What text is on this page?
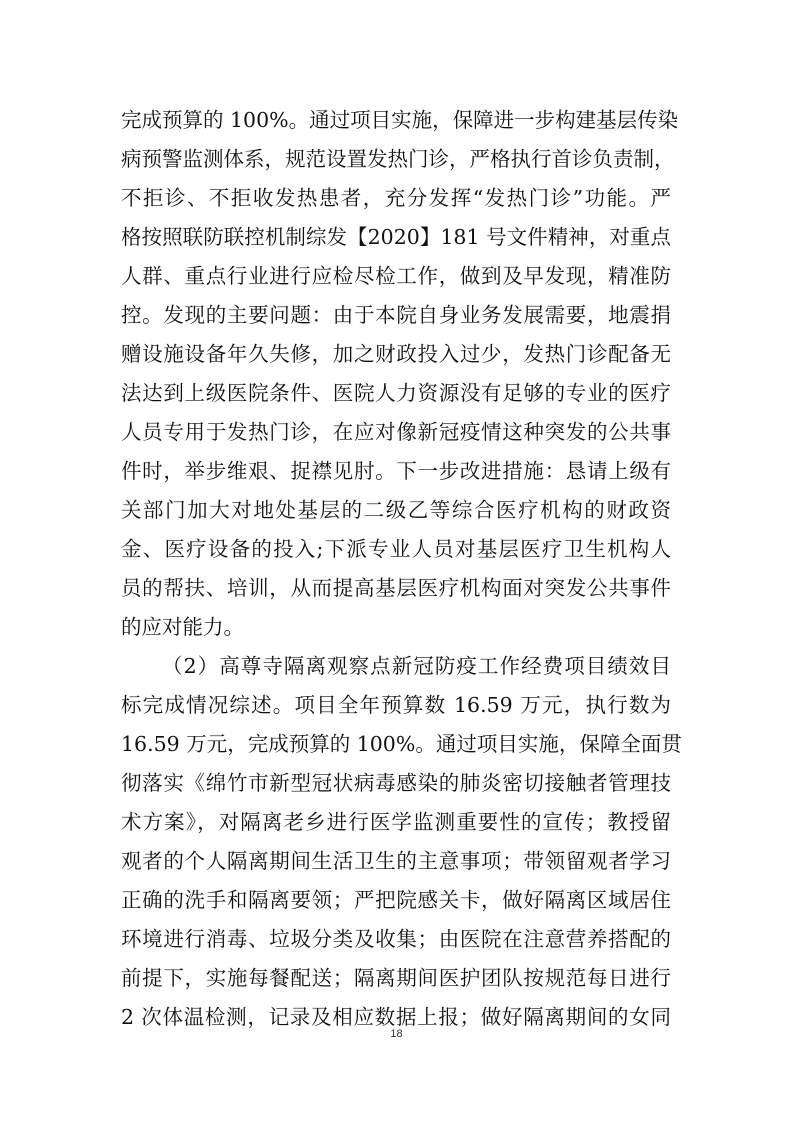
完成预算的 100%。通过项目实施，保障进一步构建基层传染
病预警监测体系，规范设置发热门诊，严格执行首诊负责制，
不拒诊、不拒收发热患者，充分发挥“发热门诊”功能。严
格按照联防联控机制综发【2020】181 号文件精神，对重点
人群、重点行业进行应检尽检工作，做到及早发现，精准防
控。发现的主要问题：由于本院自身业务发展需要，地震捐
赠设施设备年久失修，加之财政投入过少，发热门诊配备无
法达到上级医院条件、医院人力资源没有足够的专业的医疗
人员专用于发热门诊，在应对像新冠疫情这种突发的公共事
件时，举步维艰、捉襟见肘。下一步改进措施：恳请上级有
关部门加大对地处基层的二级乙等综合医疗机构的财政资
金、医疗设备的投入;下派专业人员对基层医疗卫生机构人
员的帮扶、培训，从而提高基层医疗机构面对突发公共事件
的应对能力。
（2）高尊寺隔离观察点新冠防疫工作经费项目绩效目
标完成情况综述。项目全年预算数 16.59 万元，执行数为
16.59 万元，完成预算的 100%。通过项目实施，保障全面贯
彻落实《绵竹市新型冠状病毒感染的肺炎密切接触者管理技
术方案》，对隔离老乡进行医学监测重要性的宣传；教授留
观者的个人隔离期间生活卫生的主意事项；带领留观者学习
正确的洗手和隔离要领；严把院感关卡，做好隔离区域居住
环境进行消毒、垃圾分类及收集；由医院在注意营养搭配的
前提下，实施每餐配送；隔离期间医护团队按规范每日进行
2 次体温检测，记录及相应数据上报；做好隔离期间的女同
18
